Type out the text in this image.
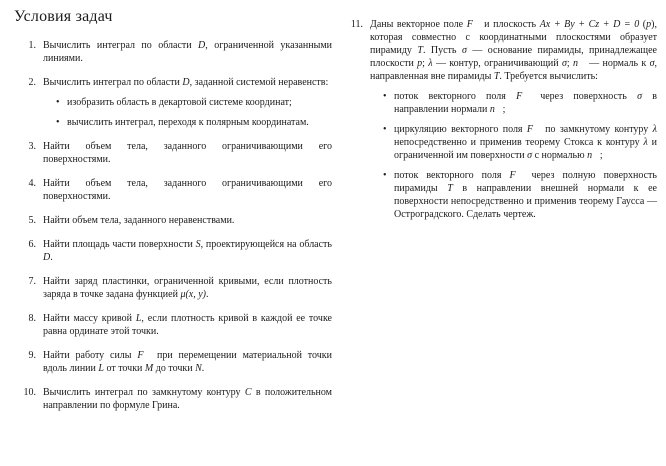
Условия задач
1. Вычислить интеграл по области D, ограниченной указанными линиями.
2. Вычислить интеграл по области D, заданной системой неравенств:
• изобразить область в декартовой системе координат;
• вычислить интеграл, переходя к полярным координатам.
3. Найти объем тела, заданного ограничивающими его поверхностями.
4. Найти объем тела, заданного ограничивающими его поверхностями.
5. Найти объем тела, заданного неравенствами.
6. Найти площадь части поверхности S, проектирующейся на область D.
7. Найти заряд пластинки, ограниченной кривыми, если плотность заряда в точке задана функцией μ(x, y).
8. Найти массу кривой L, если плотность кривой в каждой ее точке равна ординате этой точки.
9. Найти работу силы F⃗ при перемещении материальной точки вдоль линии L от точки M до точки N.
10. Вычислить интеграл по замкнутому контуру C в положительном направлении по формуле Грина.
11. Даны векторное поле F⃗ и плоскость Ax + By + Cz + D = 0 (p), которая совместно с координатными плоскостями образует пирамиду T. Пусть σ — основание пирамиды, принадлежащее плоскости p; λ — контур, ограничивающий σ; n⃗ — нормаль к σ, направленная вне пирамиды T. Требуется вычислить:
• поток векторного поля F⃗ через поверхность σ в направлении нормали n⃗;
• циркуляцию векторного поля F⃗ по замкнутому контуру λ непосредственно и применив теорему Стокса к контуру λ и ограниченной им поверхности σ с нормалью n⃗;
• поток векторного поля F⃗ через полную поверхность пирамиды T в направлении внешней нормали к ее поверхности непосредственно и применив теорему Гаусса — Остроградского. Сделать чертеж.
